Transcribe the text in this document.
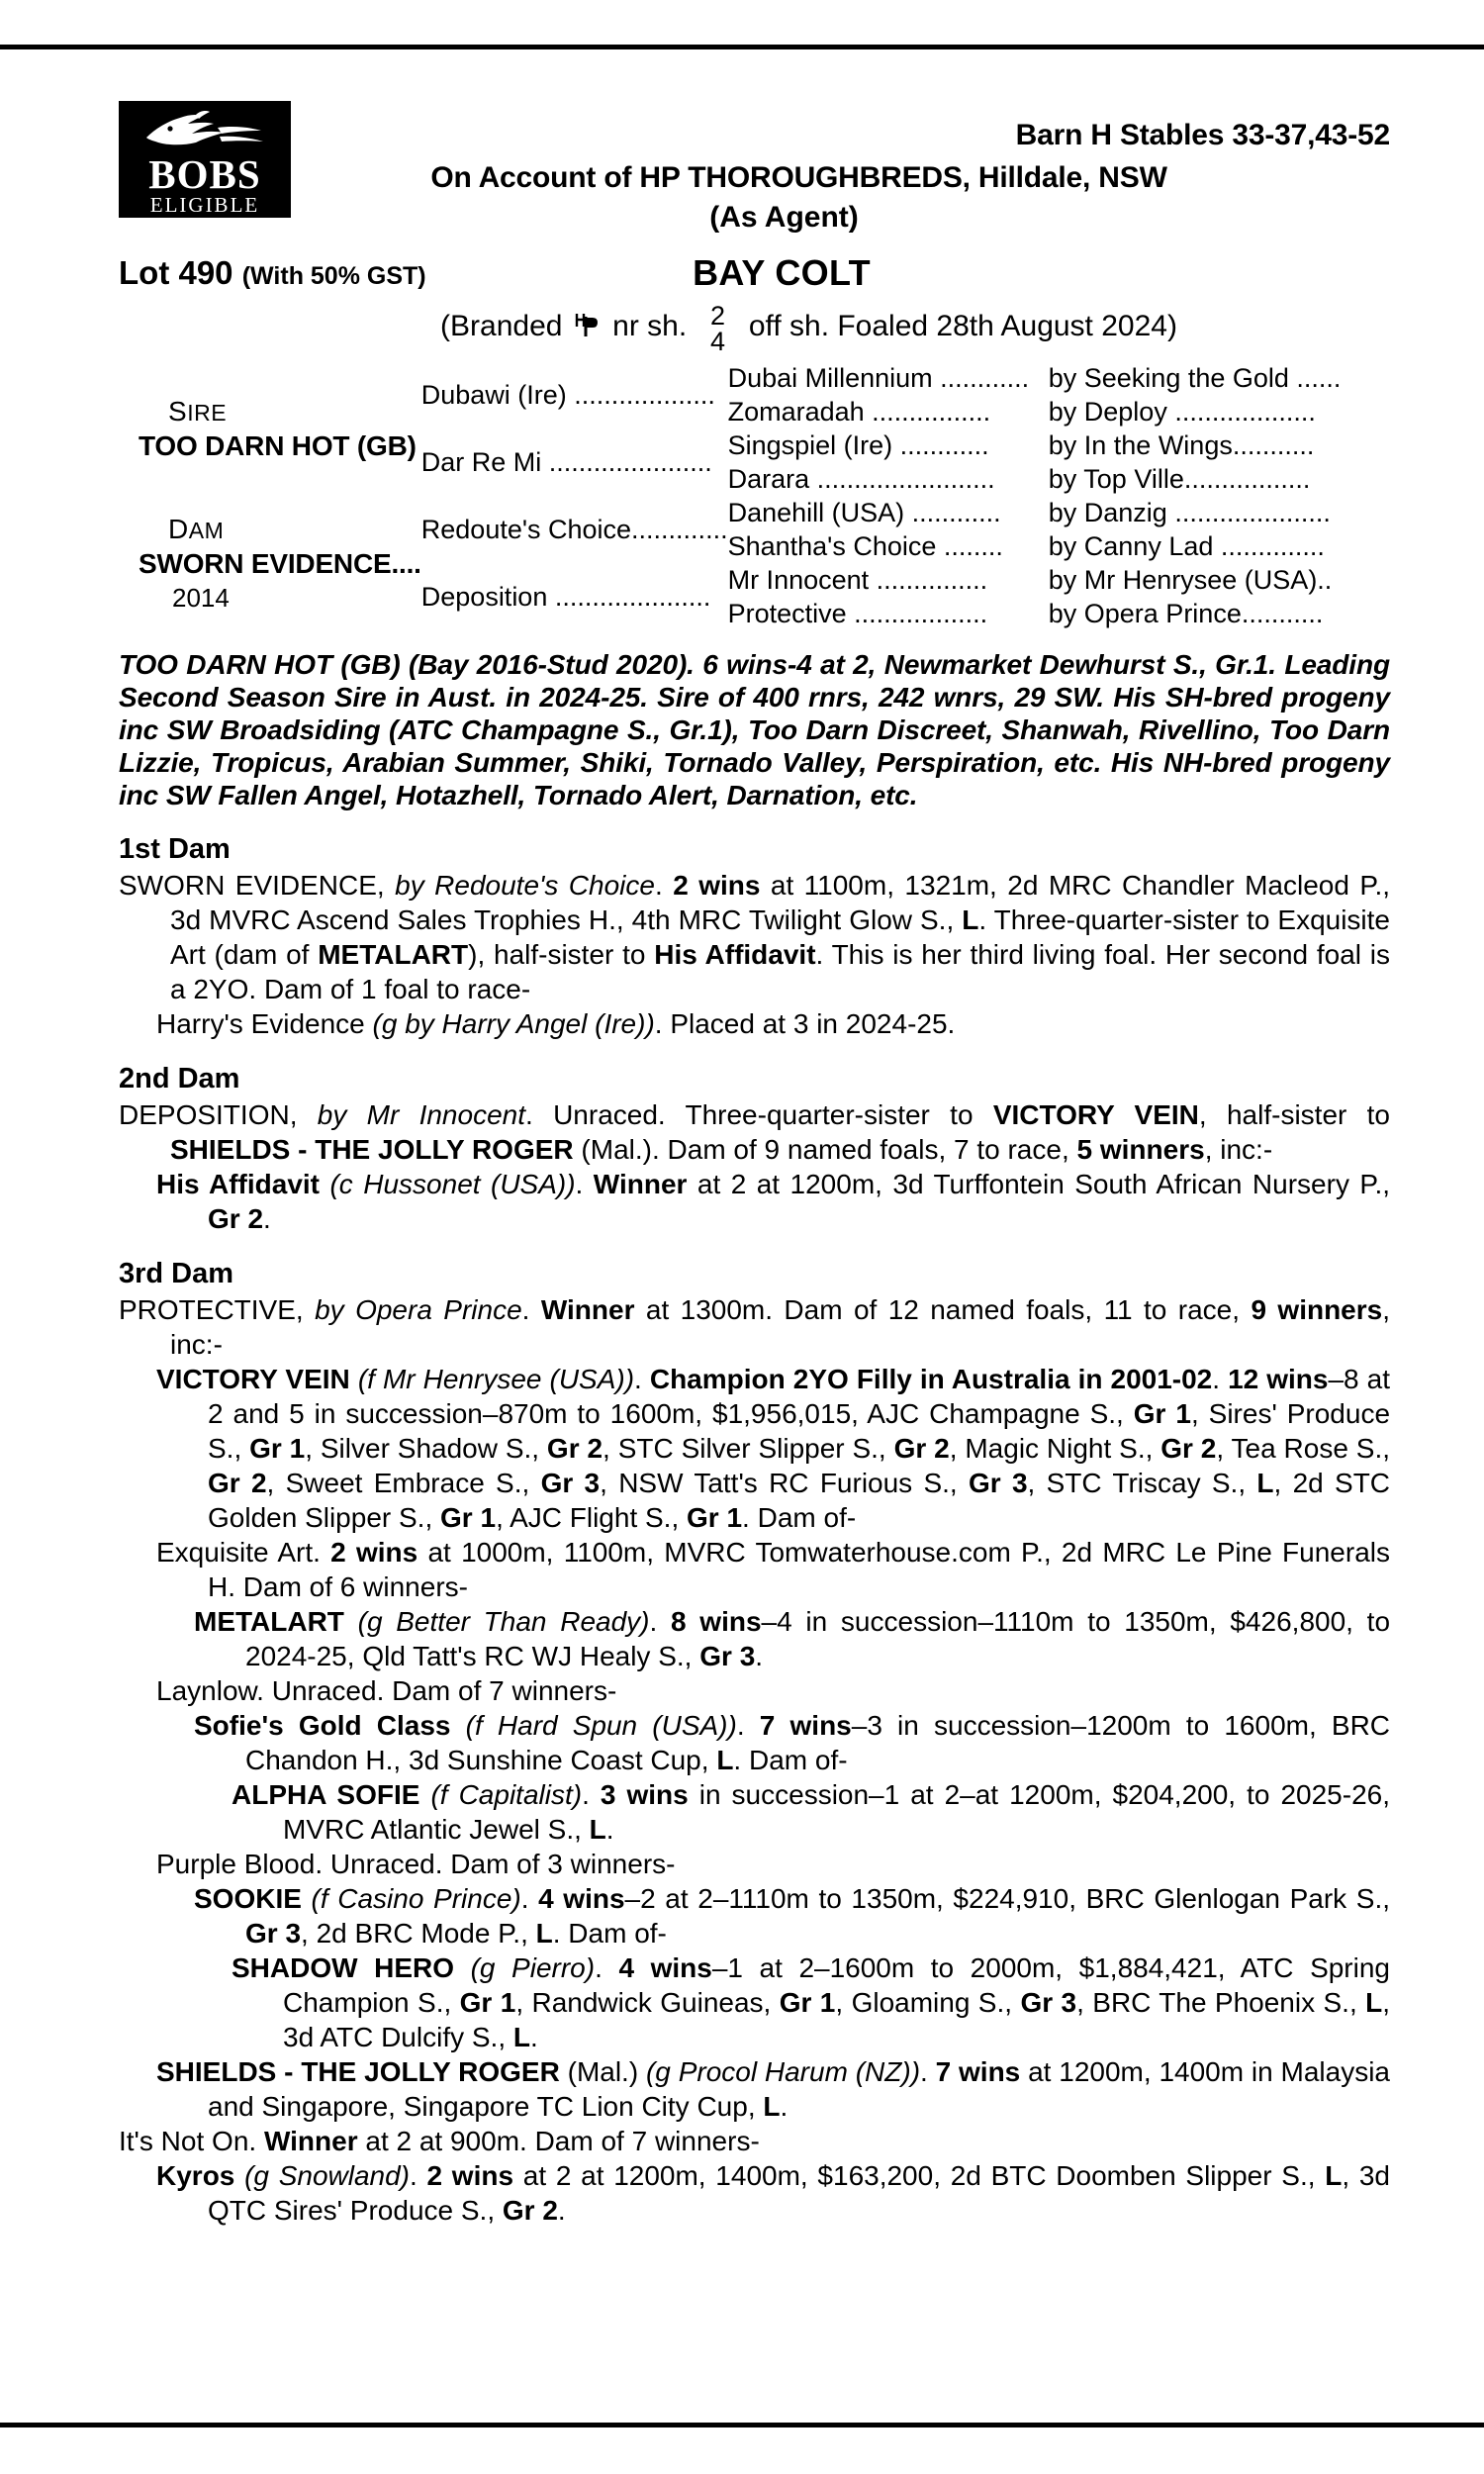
BOBS
ELIGIBLE
Barn H Stables 33-37,43-52
On Account of HP THOROUGHBREDS, Hilldale, NSW
(As Agent)
Lot 490 (With 50% GST)	BAY COLT
(Branded nr sh. 2
4 off sh. Foaled 28th August 2024)
SIRE
TOO DARN HOT (GB)	Dubawi (Ire) ...................	Dubai Millennium ............	by Seeking the Gold ......
		Zomaradah ................	by Deploy ...................
	Dar Re Mi ......................	Singspiel (Ire) ............	by In the Wings...........
		Darara ........................	by Top Ville.................

DAM
SWORN EVIDENCE....
2014	Redoute's Choice.............	Danehill (USA) ............	by Danzig .....................
		Shantha's Choice ........	by Canny Lad ..............
	Deposition .....................	Mr Innocent ...............	by Mr Henrysee (USA)..
		Protective ..................	by Opera Prince...........
TOO DARN HOT (GB) (Bay 2016-Stud 2020). 6 wins-4 at 2, Newmarket Dewhurst S., Gr.1. Leading Second Season Sire in Aust. in 2024-25. Sire of 400 rnrs, 242 wnrs, 29 SW. His SH-bred progeny inc SW Broadsiding (ATC Champagne S., Gr.1), Too Darn Discreet, Shanwah, Rivellino, Too Darn Lizzie, Tropicus, Arabian Summer, Shiki, Tornado Valley, Perspiration, etc. His NH-bred progeny inc SW Fallen Angel, Hotazhell, Tornado Alert, Darnation, etc.
1st Dam
SWORN EVIDENCE, by Redoute's Choice. 2 wins at 1100m, 1321m, 2d MRC Chandler Macleod P., 3d MVRC Ascend Sales Trophies H., 4th MRC Twilight Glow S., L. Three-quarter-sister to Exquisite Art (dam of METALART), half-sister to His Affidavit. This is her third living foal. Her second foal is a 2YO. Dam of 1 foal to race-
Harry's Evidence (g by Harry Angel (Ire)). Placed at 3 in 2024-25.
2nd Dam
DEPOSITION, by Mr Innocent. Unraced. Three-quarter-sister to VICTORY VEIN, half-sister to SHIELDS - THE JOLLY ROGER (Mal.). Dam of 9 named foals, 7 to race, 5 winners, inc:-
His Affidavit (c Hussonet (USA)). Winner at 2 at 1200m, 3d Turffontein South African Nursery P., Gr 2.
3rd Dam
PROTECTIVE, by Opera Prince. Winner at 1300m. Dam of 12 named foals, 11 to race, 9 winners, inc:-
VICTORY VEIN (f Mr Henrysee (USA)). Champion 2YO Filly in Australia in 2001-02. 12 wins–8 at 2 and 5 in succession–870m to 1600m, $1,956,015, AJC Champagne S., Gr 1, Sires' Produce S., Gr 1, Silver Shadow S., Gr 2, STC Silver Slipper S., Gr 2, Magic Night S., Gr 2, Tea Rose S., Gr 2, Sweet Embrace S., Gr 3, NSW Tatt's RC Furious S., Gr 3, STC Triscay S., L, 2d STC Golden Slipper S., Gr 1, AJC Flight S., Gr 1. Dam of-
Exquisite Art. 2 wins at 1000m, 1100m, MVRC Tomwaterhouse.com P., 2d MRC Le Pine Funerals H. Dam of 6 winners-
METALART (g Better Than Ready). 8 wins–4 in succession–1110m to 1350m, $426,800, to 2024-25, Qld Tatt's RC WJ Healy S., Gr 3.
Laynlow. Unraced. Dam of 7 winners-
Sofie's Gold Class (f Hard Spun (USA)). 7 wins–3 in succession–1200m to 1600m, BRC Chandon H., 3d Sunshine Coast Cup, L. Dam of-
ALPHA SOFIE (f Capitalist). 3 wins in succession–1 at 2–at 1200m, $204,200, to 2025-26, MVRC Atlantic Jewel S., L.
Purple Blood. Unraced. Dam of 3 winners-
SOOKIE (f Casino Prince). 4 wins–2 at 2–1110m to 1350m, $224,910, BRC Glenlogan Park S., Gr 3, 2d BRC Mode P., L. Dam of-
SHADOW HERO (g Pierro). 4 wins–1 at 2–1600m to 2000m, $1,884,421, ATC Spring Champion S., Gr 1, Randwick Guineas, Gr 1, Gloaming S., Gr 3, BRC The Phoenix S., L, 3d ATC Dulcify S., L.
SHIELDS - THE JOLLY ROGER (Mal.) (g Procol Harum (NZ)). 7 wins at 1200m, 1400m in Malaysia and Singapore, Singapore TC Lion City Cup, L.
It's Not On. Winner at 2 at 900m. Dam of 7 winners-
Kyros (g Snowland). 2 wins at 2 at 1200m, 1400m, $163,200, 2d BTC Doomben Slipper S., L, 3d QTC Sires' Produce S., Gr 2.
